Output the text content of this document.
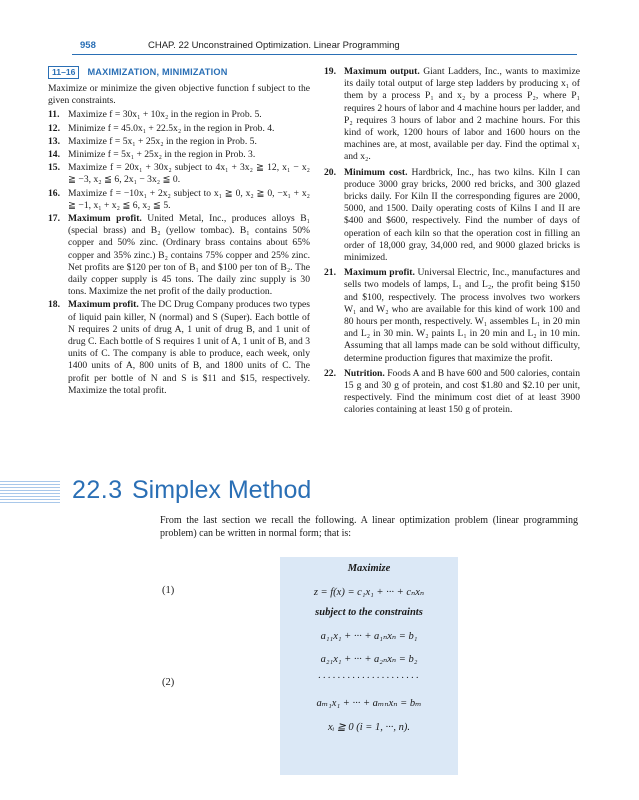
958	CHAP. 22 Unconstrained Optimization. Linear Programming
11–16	MAXIMIZATION, MINIMIZATION

Maximize or minimize the given objective function f subject to the given constraints.

11. Maximize f = 30x₁ + 10x₂ in the region in Prob. 5.
12. Minimize f = 45.0x₁ + 22.5x₂ in the region in Prob. 4.
13. Maximize f = 5x₁ + 25x₂ in the region in Prob. 5.
14. Minimize f = 5x₁ + 25x₂ in the region in Prob. 3.
15. Maximize f = 20x₁ + 30x₂ subject to 4x₁ + 3x₂ ≧ 12, x₁ − x₂ ≧ −3, x₂ ≦ 6, 2x₁ − 3x₂ ≦ 0.
16. Maximize f = −10x₁ + 2x₂ subject to x₁ ≧ 0, x₂ ≧ 0, −x₁ + x₂ ≧ −1, x₁ + x₂ ≦ 6, x₂ ≦ 5.
17. Maximum profit. United Metal, Inc., produces alloys B₁ (special brass) and B₂ (yellow tombac). B₁ contains 50% copper and 50% zinc. (Ordinary brass contains about 65% copper and 35% zinc.) B₂ contains 75% copper and 25% zinc. Net profits are $120 per ton of B₁ and $100 per ton of B₂. The daily copper supply is 45 tons. The daily zinc supply is 30 tons. Maximize the net profit of the daily production.
18. Maximum profit. The DC Drug Company produces two types of liquid pain killer, N (normal) and S (Super). Each bottle of N requires 2 units of drug A, 1 unit of drug B, and 1 unit of drug C. Each bottle of S requires 1 unit of A, 1 unit of B, and 3 units of C. The company is able to produce, each week, only 1400 units of A, 800 units of B, and 1800 units of C. The profit per bottle of N and S is $11 and $15, respectively. Maximize the total profit.
19. Maximum output. Giant Ladders, Inc., wants to maximize its daily total output of large step ladders by producing x₁ of them by a process P₁ and x₂ by a process P₂, where P₁ requires 2 hours of labor and 4 machine hours per ladder, and P₂ requires 3 hours of labor and 2 machine hours. For this kind of work, 1200 hours of labor and 1600 hours on the machines are, at most, available per day. Find the optimal x₁ and x₂.
20. Minimum cost. Hardbrick, Inc., has two kilns. Kiln I can produce 3000 gray bricks, 2000 red bricks, and 300 glazed bricks daily. For Kiln II the corresponding figures are 2000, 5000, and 1500. Daily operating costs of Kilns I and II are $400 and $600, respectively. Find the number of days of operation of each kiln so that the operation cost in filling an order of 18,000 gray, 34,000 red, and 9000 glazed bricks is minimized.
21. Maximum profit. Universal Electric, Inc., manufactures and sells two models of lamps, L₁ and L₂, the profit being $150 and $100, respectively. The process involves two workers W₁ and W₂ who are available for this kind of work 100 and 80 hours per month, respectively. W₁ assembles L₁ in 20 min and L₂ in 30 min. W₂ paints L₁ in 20 min and L₂ in 10 min. Assuming that all lamps made can be sold without difficulty, determine production figures that maximize the profit.
22. Nutrition. Foods A and B have 600 and 500 calories, contain 15 g and 30 g of protein, and cost $1.80 and $2.10 per unit, respectively. Find the minimum cost diet of at least 3900 calories containing at least 150 g of protein.
22.3 Simplex Method
From the last section we recall the following. A linear optimization problem (linear programming problem) can be written in normal form; that is:
(1)
(2)
Maximize
z = f(x) = c₁x₁ + ··· + cₙxₙ
subject to the constraints
a₁₁x₁ + ··· + a₁ₙxₙ = b₁
a₂₁x₁ + ··· + a₂ₙxₙ = b₂
·····················
aₘ₁x₁ + ··· + aₘₙxₙ = bₘ
xᵢ ≧ 0 (i = 1, ···, n).
